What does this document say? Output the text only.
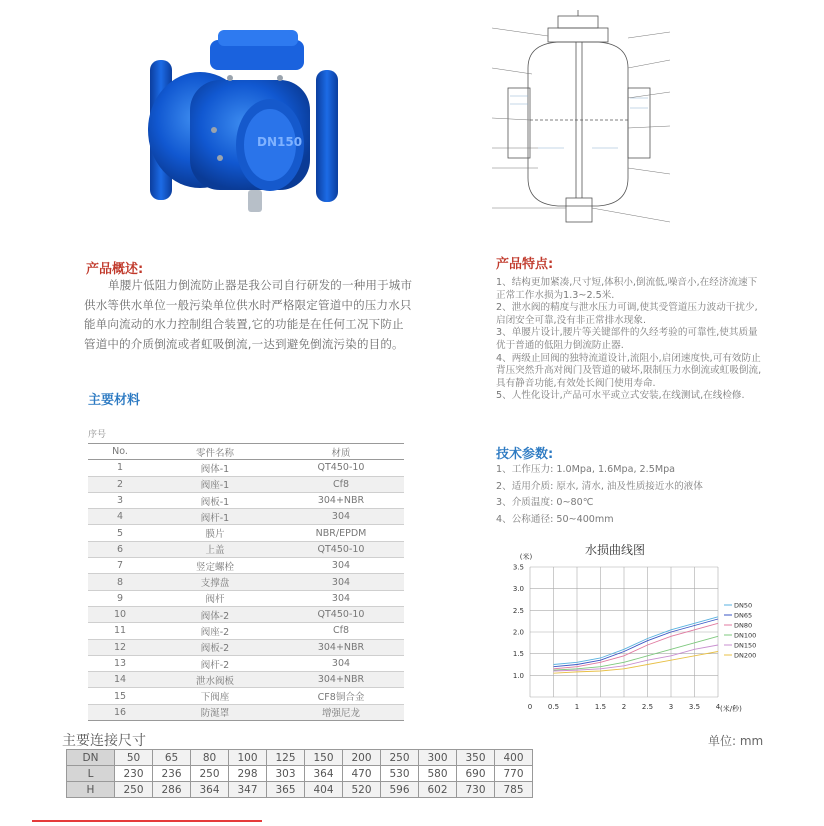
DN150
产品概述:
单腰片低阻力倒流防止器是我公司自行研发的一种用于城市供水等供水单位一般污染单位供水时严格限定管道中的压力水只能单向流动的水力控制组合装置,它的功能是在任何工况下防止管道中的介质倒流或者虹吸倒流,一达到避免倒流污染的目的。
产品特点:

1、结构更加紧凑,尺寸短,体积小,倒流低,噪音小,在经济流速下正常工作水损为1.3~2.5米.

2、泄水阀的精度与泄水压力可调,使其受管道压力波动干扰少,启闭安全可靠,没有非正常排水现象.

3、单腰片设计,腰片等关键部件的久经考验的可靠性,使其质量优于普通的低阻力倒流防止器.

4、两级止回阀的独特流道设计,流阻小,启闭速度快,可有效防止背压突然升高对阀门及管道的破坏,限制压力水倒流或虹吸倒流,具有静音功能,有效处长阀门使用寿命.

5、人性化设计,产品可水平或立式安装,在线测试,在线检修.

技术参数:
1、工作压力: 1.0Mpa, 1.6Mpa, 2.5Mpa
2、适用介质: 原水, 清水, 油及性质接近水的液体
3、介质温度: 0~80℃
4、公称通径: 50~400mm
主要材料
序号
No.	零件名称	材质
1	阀体-1	QT450-10
2	阀座-1	Cf8
3	阀板-1	304+NBR
4	阀杆-1	304
5	膜片	NBR/EPDM
6	上盖	QT450-10
7	竖定螺栓	304
8	支撑盘	304
9	阀杆	304
10	阀体-2	QT450-10
11	阀座-2	Cf8
12	阀板-2	304+NBR
13	阀杆-2	304
14	泄水阀板	304+NBR
15	下阀座	CF8铜合金
16	防涎罩	增强尼龙
水损曲线图
0 0.5 1 1.5 2 2.5 3 3.5 4
1.0
1.5
2.0
2.5
3.0
3.5
(米)
(米/秒)
DN50
DN65
DN80
DN100
DN150
DN200
主要连接尺寸	单位: mm
DN	50	65	80	100	125	150	200	250	300	350	400
L	230	236	250	298	303	364	470	530	580	690	770
H	250	286	364	347	365	404	520	596	602	730	785
